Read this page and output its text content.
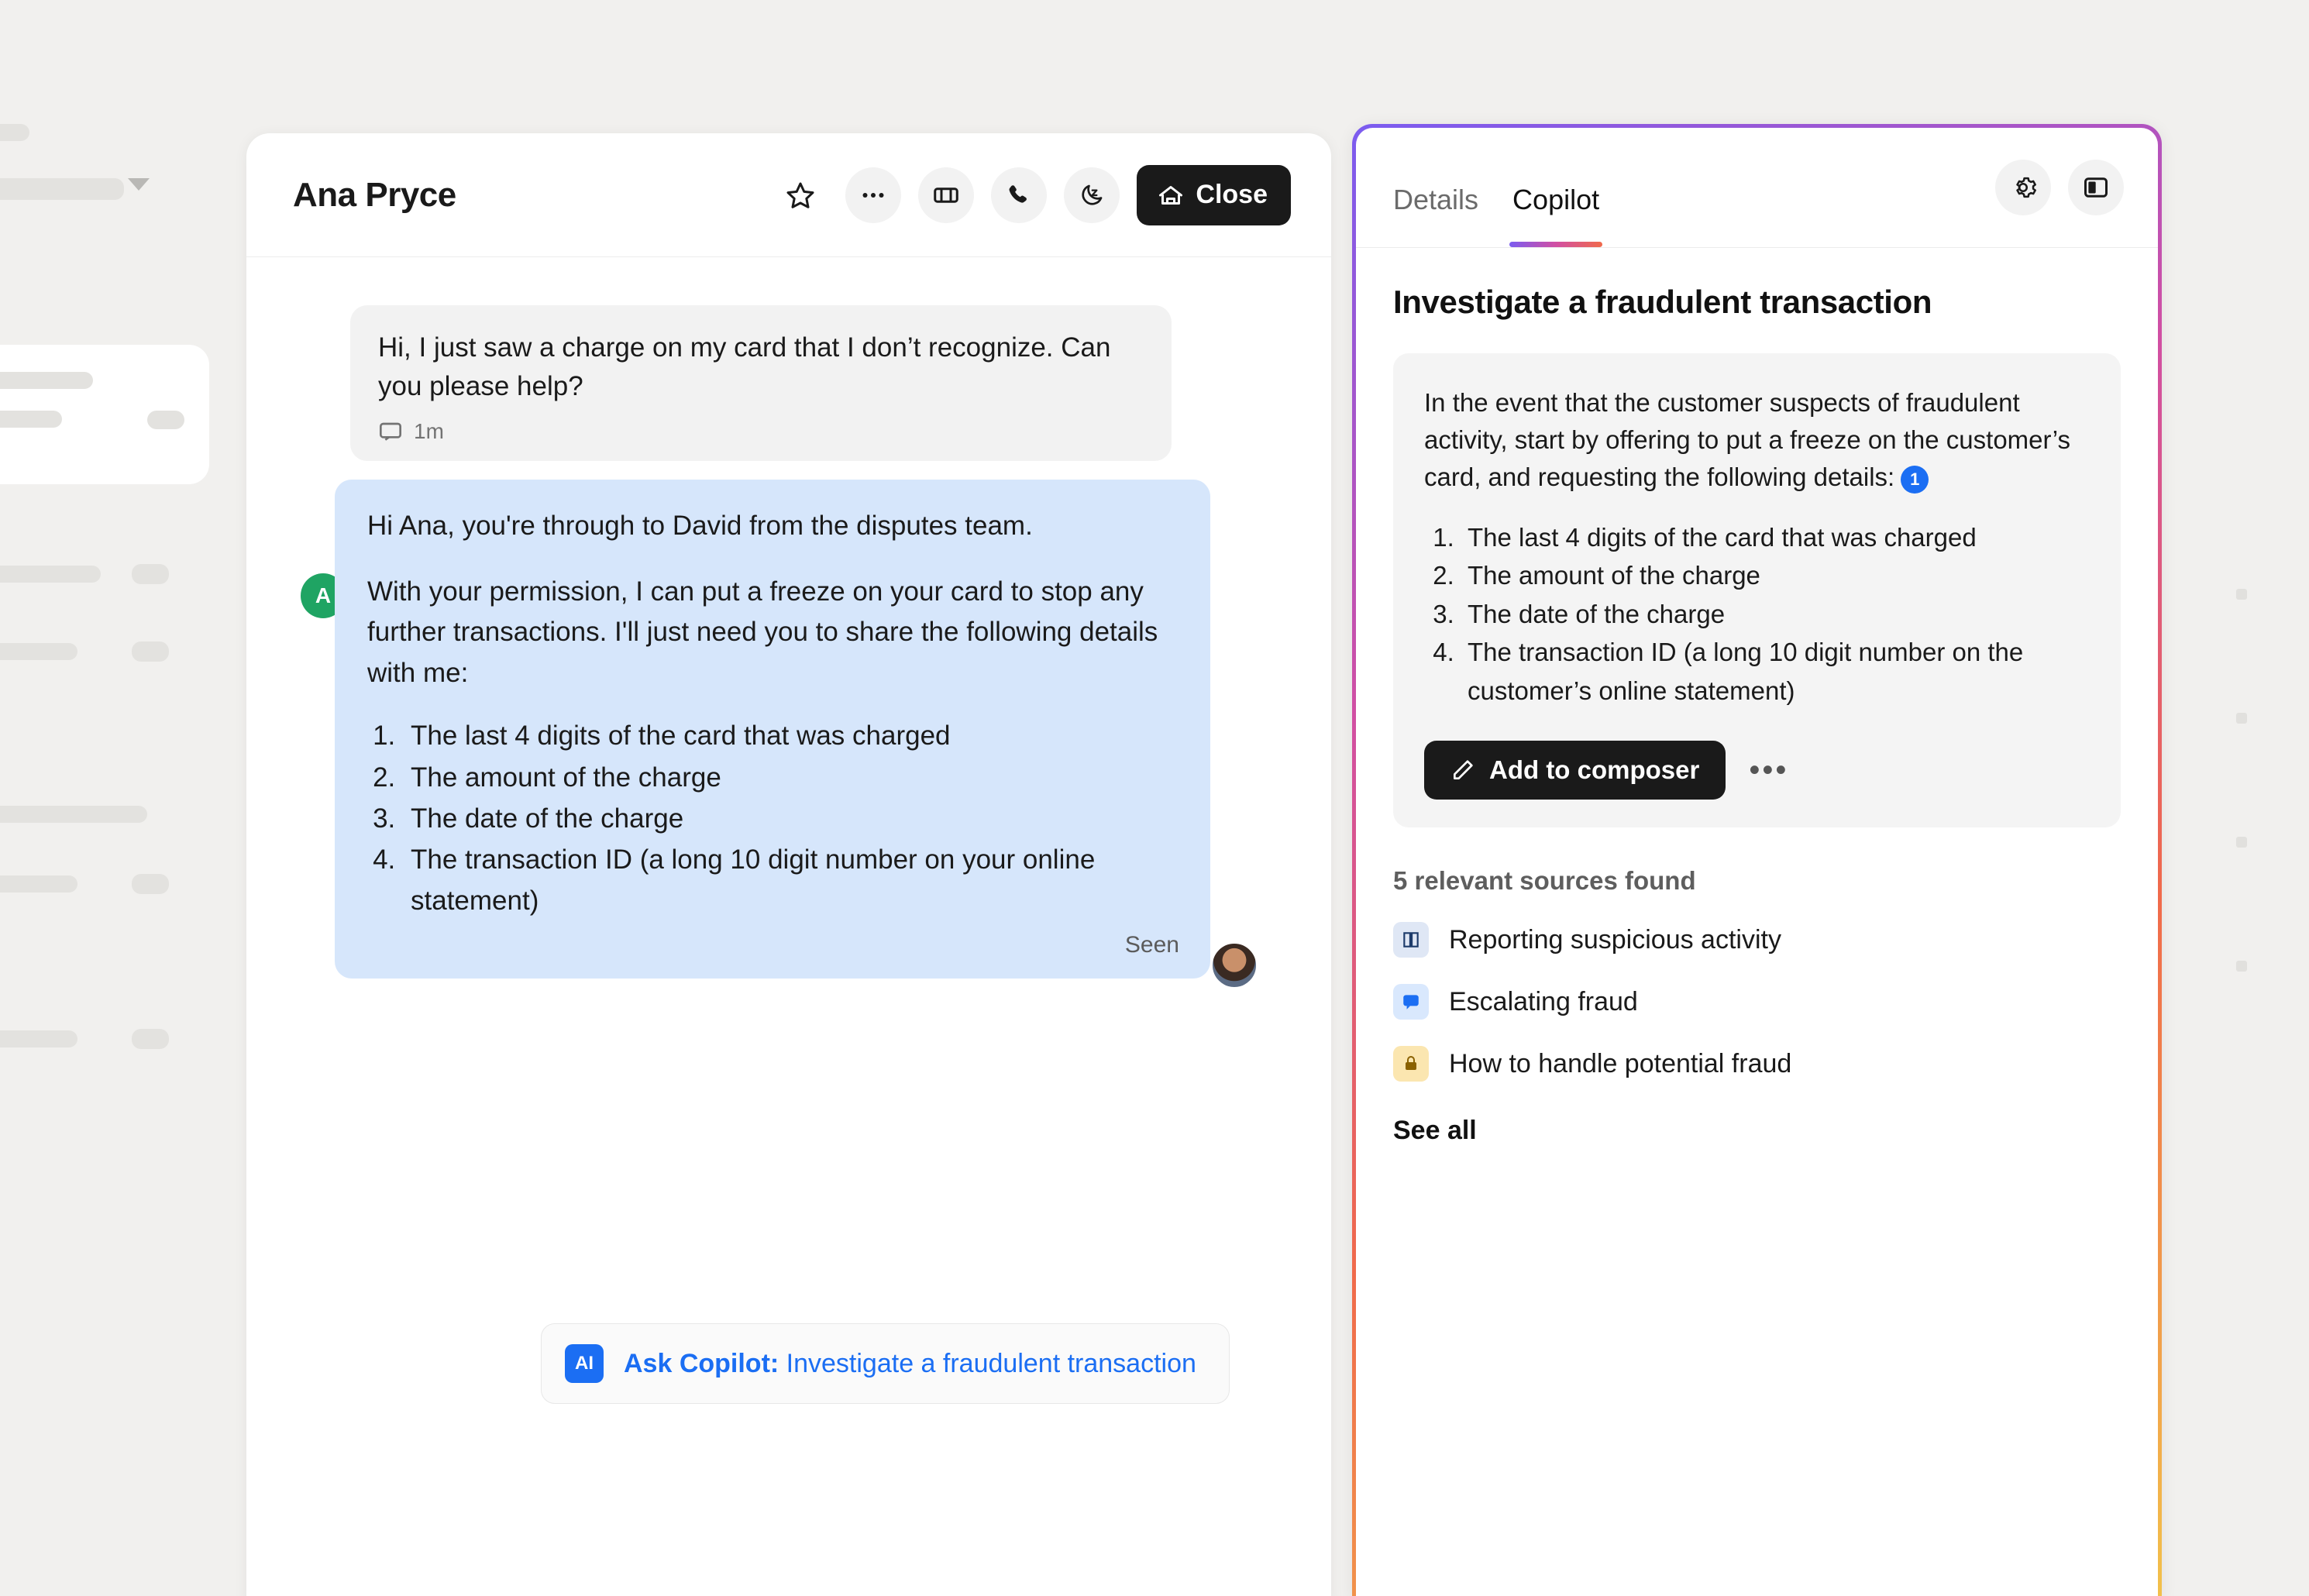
Ana Pryce	Close

Hi, I just saw a charge on my card that I don’t recognize. Can you please help?

1m
A

Hi Ana, you're through to David from the disputes team.

With your permission, I can put a freeze on your card to stop any further transactions. I'll just need you to share the following details with me:

1. The last 4 digits of the card that was charged
2. The amount of the charge
3. The date of the charge
4. The transaction ID (a long 10 digit number on your online statement)
Seen
AI	Ask Copilot: Investigate a fraudulent transaction
Details Copilot
Investigate a fraudulent transaction

In the event that the customer suspects of fraudulent activity, start by offering to put a freeze on the customer’s card, and requesting the following details: 1

1. The last 4 digits of the card that was charged
2. The amount of the charge
3. The date of the charge
4. The transaction ID (a long 10 digit number on the customer’s online statement)
Add to composer •••
5 relevant sources found
Reporting suspicious activity
Escalating fraud
How to handle potential fraud
See all
